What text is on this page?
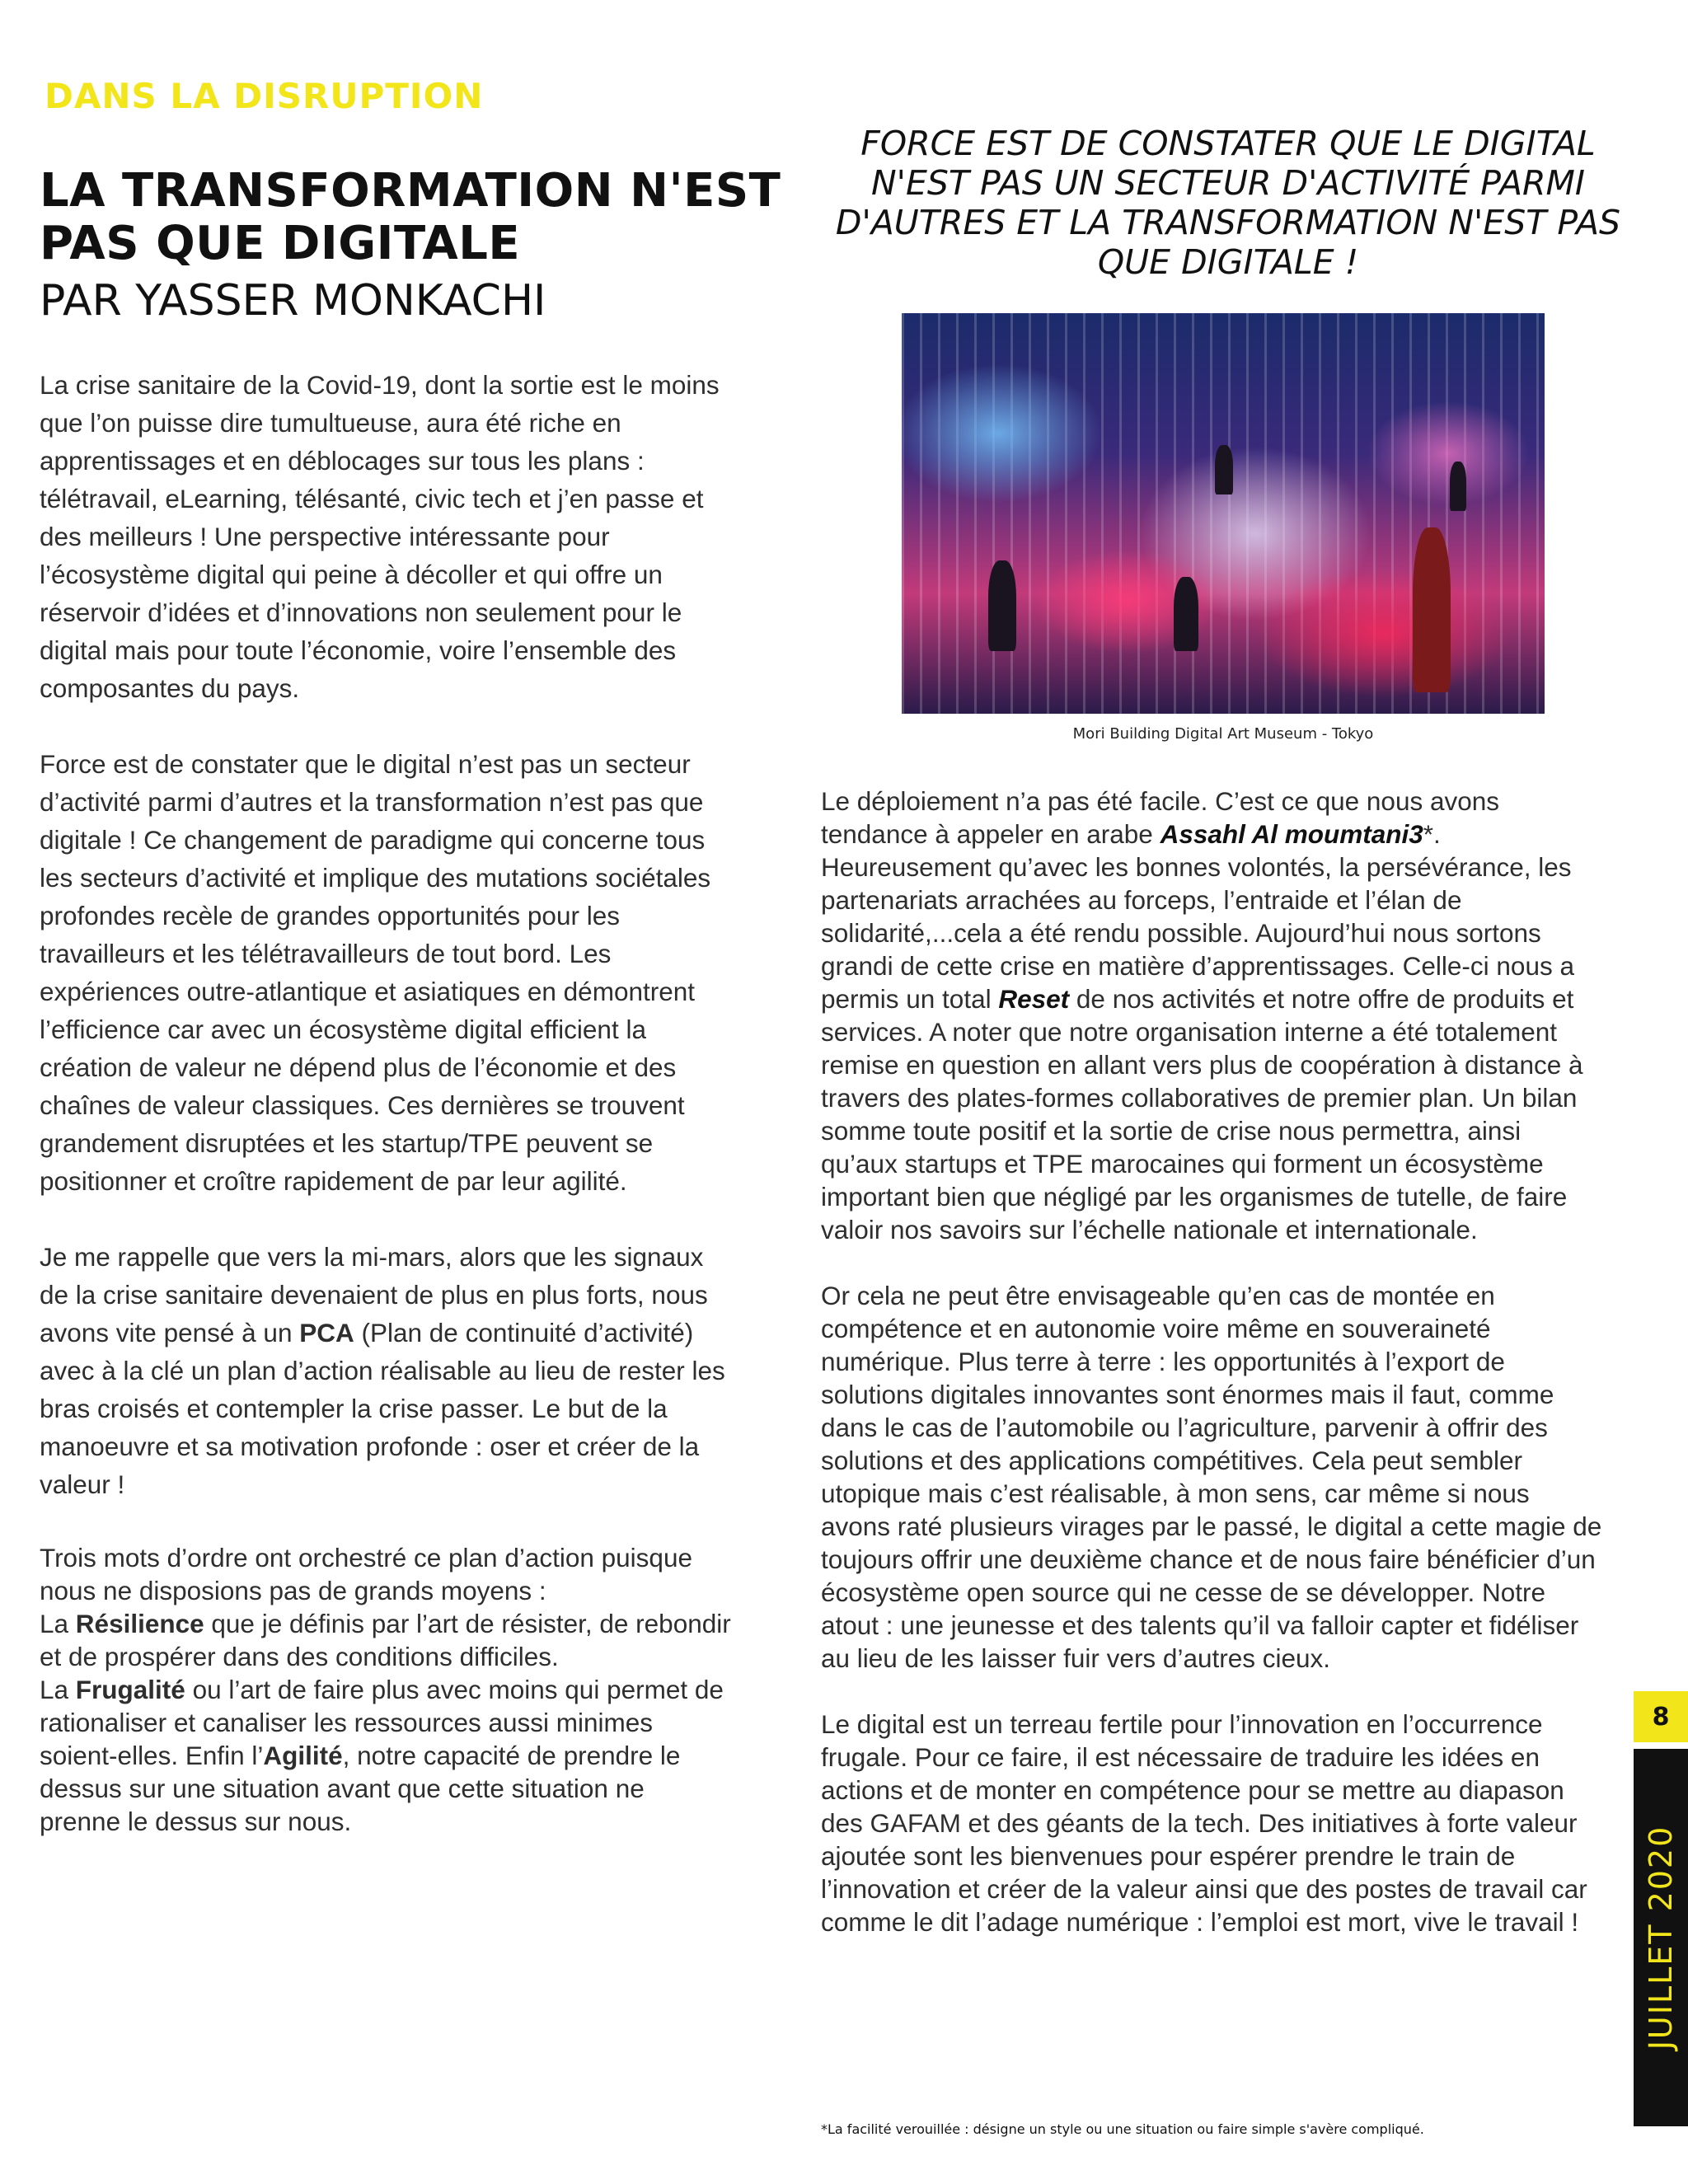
DANS LA DISRUPTION
LA TRANSFORMATION N'EST PAS QUE DIGITALE
PAR YASSER MONKACHI

La crise sanitaire de la Covid-19, dont la sortie est le moins que l’on puisse dire tumultueuse, aura été riche en apprentissages et en déblocages sur tous les plans : télétravail, eLearning, télésanté, civic tech et j’en passe et des meilleurs ! Une perspective intéressante pour l’écosystème digital qui peine à décoller et qui offre un réservoir d’idées et d’innovations non seulement pour le digital mais pour toute l’économie, voire l’ensemble des composantes du pays.

Force est de constater que le digital n’est pas un secteur d’activité parmi d’autres et la transformation n’est pas que digitale ! Ce changement de paradigme qui concerne tous les secteurs d’activité et implique des mutations sociétales profondes recèle de grandes opportunités pour les travailleurs et les télétravailleurs de tout bord. Les expériences outre-atlantique et asiatiques en démontrent l’efficience car avec un écosystème digital efficient la création de valeur ne dépend plus de l’économie et des chaînes de valeur classiques. Ces dernières se trouvent grandement disruptées et les startup/TPE peuvent se positionner et croître rapidement de par leur agilité.

Je me rappelle que vers la mi-mars, alors que les signaux de la crise sanitaire devenaient de plus en plus forts, nous avons vite pensé à un PCA (Plan de continuité d’activité) avec à la clé un plan d’action réalisable au lieu de rester les bras croisés et contempler la crise passer. Le but de la manoeuvre et sa motivation profonde : oser et créer de la valeur !

Trois mots d’ordre ont orchestré ce plan d’action puisque nous ne disposions pas de grands moyens :
La Résilience que je définis par l’art de résister, de rebondir et de prospérer dans des conditions difficiles.
La Frugalité ou l’art de faire plus avec moins qui permet de rationaliser et canaliser les ressources aussi minimes soient-elles. Enfin l’Agilité, notre capacité de prendre le dessus sur une situation avant que cette situation ne prenne le dessus sur nous.

FORCE EST DE CONSTATER QUE LE DIGITAL N'EST PAS UN SECTEUR D'ACTIVITÉ PARMI D'AUTRES ET LA TRANSFORMATION N'EST PAS QUE DIGITALE !

Mori Building Digital Art Museum - Tokyo

Le déploiement n’a pas été facile. C’est ce que nous avons tendance à appeler en arabe Assahl Al moumtani3*. Heureusement qu’avec les bonnes volontés, la persévérance, les partenariats arrachées au forceps, l’entraide et l’élan de solidarité,...cela a été rendu possible. Aujourd’hui nous sortons grandi de cette crise en matière d’apprentissages. Celle-ci nous a permis un total Reset de nos activités et notre offre de produits et services. A noter que notre organisation interne a été totalement remise en question en allant vers plus de coopération à distance à travers des plates-formes collaboratives de premier plan. Un bilan somme toute positif et la sortie de crise nous permettra, ainsi qu’aux startups et TPE marocaines qui forment un écosystème important bien que négligé par les organismes de tutelle, de faire valoir nos savoirs sur l’échelle nationale et internationale.

Or cela ne peut être envisageable qu’en cas de montée en compétence et en autonomie voire même en souveraineté numérique. Plus terre à terre : les opportunités à l’export de solutions digitales innovantes sont énormes mais il faut, comme dans le cas de l’automobile ou l’agriculture, parvenir à offrir des solutions et des applications compétitives. Cela peut sembler utopique mais c’est réalisable, à mon sens, car même si nous avons raté plusieurs virages par le passé, le digital a cette magie de toujours offrir une deuxième chance et de nous faire bénéficier d’un écosystème open source qui ne cesse de se développer. Notre atout : une jeunesse et des talents qu’il va falloir capter et fidéliser au lieu de les laisser fuir vers d’autres cieux.

Le digital est un terreau fertile pour l’innovation en l’occurrence frugale. Pour ce faire, il est nécessaire de traduire les idées en actions et de monter en compétence pour se mettre au diapason des GAFAM et des géants de la tech. Des initiatives à forte valeur ajoutée sont les bienvenues pour espérer prendre le train de l’innovation et créer de la valeur ainsi que des postes de travail car comme le dit l’adage numérique : l’emploi est mort, vive le travail !

*La facilité verouillée : désigne un style ou une situation ou faire simple s'avère compliqué.

8
JUILLET 2020
